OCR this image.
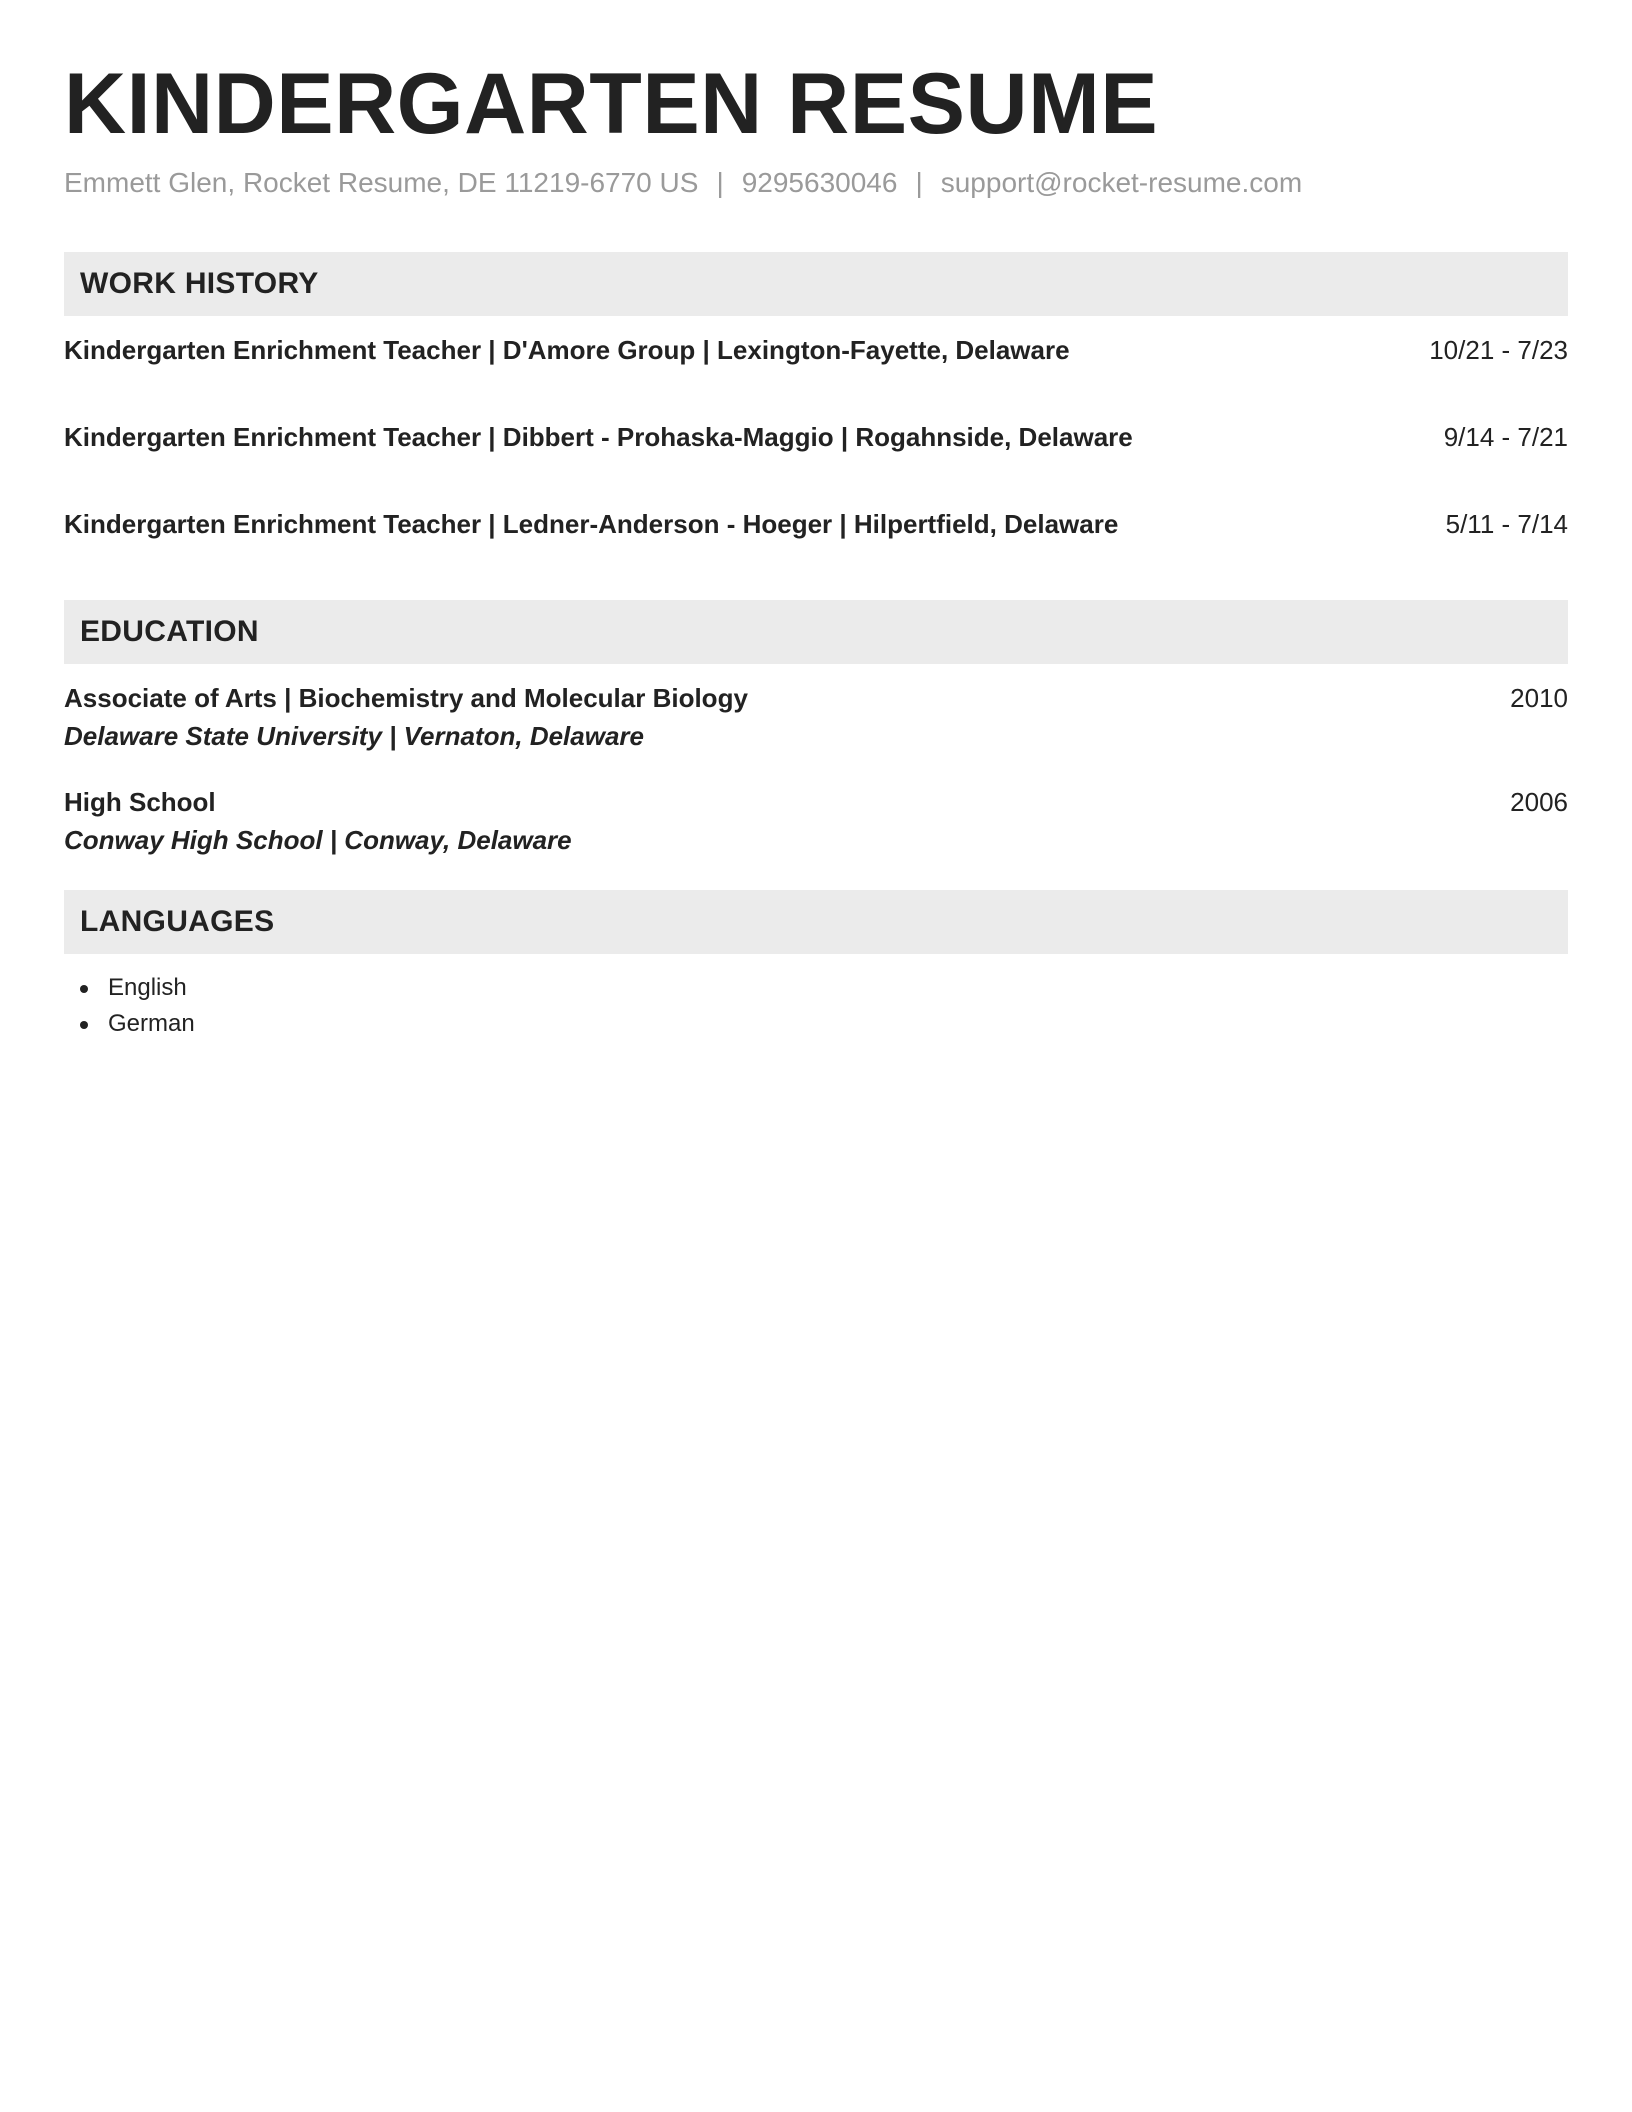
KINDERGARTEN RESUME
Emmett Glen, Rocket Resume, DE 11219-6770 US | 9295630046 | support@rocket-resume.com
WORK HISTORY
Kindergarten Enrichment Teacher | D'Amore Group | Lexington-Fayette, Delaware	10/21 - 7/23
Kindergarten Enrichment Teacher | Dibbert - Prohaska-Maggio | Rogahnside, Delaware	9/14 - 7/21
Kindergarten Enrichment Teacher | Ledner-Anderson - Hoeger | Hilpertfield, Delaware	5/11 - 7/14
EDUCATION
Associate of Arts | Biochemistry and Molecular Biology	2010
Delaware State University | Vernaton, Delaware
High School	2006
Conway High School | Conway, Delaware
LANGUAGES
English
German
